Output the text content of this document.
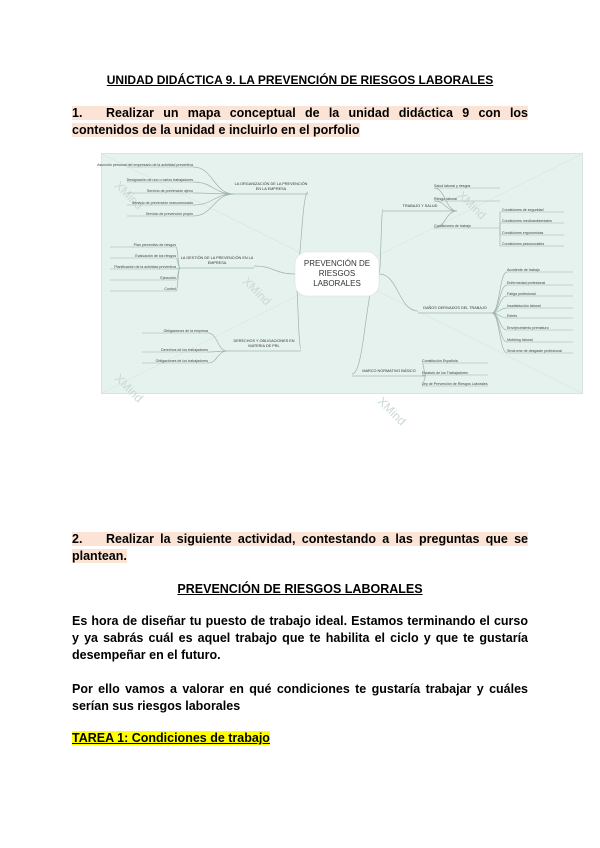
UNIDAD DIDÁCTICA 9. LA PREVENCIÓN DE RIESGOS LABORALES
1. Realizar un mapa conceptual de la unidad didáctica 9 con los contenidos de la unidad e incluirlo en el porfolio
XMind
XMind
XMind
XMind
XMind
LA ORGANIZACIÓN DE LA PREVENCIÓN
EN LA EMPRESA
Asunción personal del empresario de la actividad preventiva
Designación de uno o varios trabajadores
Servicio de prevención ajeno
Servicio de prevención mancomunado
Servicio de prevención propio
LA GESTIÓN DE LA PREVENCIÓN EN LA
EMPRESA
Plan preventivo de riesgos
Evaluación de los riesgos
Planificación de la actividad preventiva
Ejecución
Control
DERECHOS Y OBLIGACIONES EN
MATERIA DE PRL
Obligaciones de la empresa
Derechos de los trabajadores
Obligaciones de los trabajadores
TRABAJO Y SALUD
Salud laboral y riesgos
Riesgo laboral
Condiciones de trabajo
Condiciones de seguridad
Condiciones medioambientales
Condiciones ergonómicas
Condiciones psicosociales
DAÑOS DERIVADOS DEL TRABAJO
Accidente de trabajo
Enfermedad profesional
Fatiga profesional
Insatisfacción laboral
Estrés
Envejecimiento prematuro
Mobbing laboral
Síndrome de desgaste profesional
MARCO NORMATIVO BÁSICO
Constitución Española
Estatuto de los Trabajadores
Ley de Prevención de Riesgos Laborales
PREVENCIÓN DE
RIESGOS
LABORALES
2. Realizar la siguiente actividad, contestando a las preguntas que se plantean.
PREVENCIÓN DE RIESGOS LABORALES
Es hora de diseñar tu puesto de trabajo ideal. Estamos terminando el curso y ya sabrás cuál es aquel trabajo que te habilita el ciclo y que te gustaría desempeñar en el futuro.
Por ello vamos a valorar en qué condiciones te gustaría trabajar y cuáles serían sus riesgos laborales
TAREA 1: Condiciones de trabajo
